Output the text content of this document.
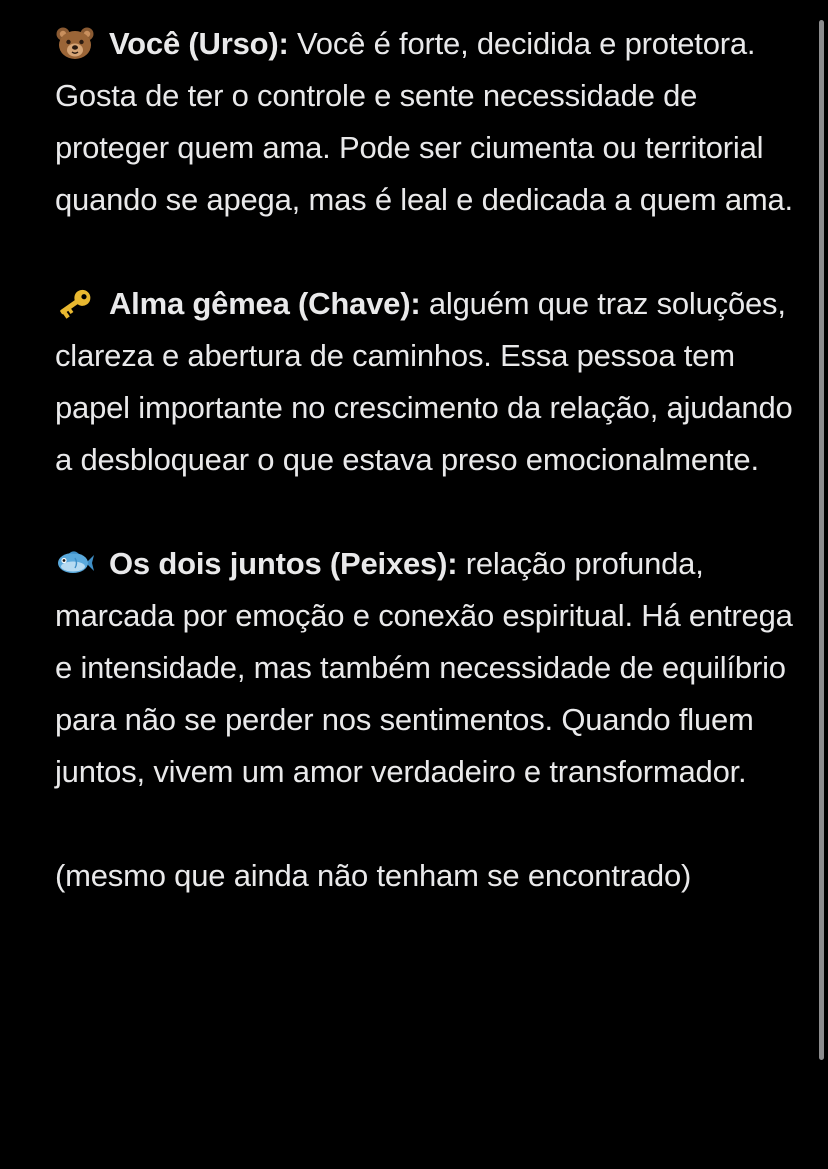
Você (Urso): Você é forte, decidida e protetora. Gosta de ter o controle e sente necessidade de proteger quem ama. Pode ser ciumenta ou territorial quando se apega, mas é leal e dedicada a quem ama.
Alma gêmea (Chave): alguém que traz soluções, clareza e abertura de caminhos. Essa pessoa tem papel importante no crescimento da relação, ajudando a desbloquear o que estava preso emocionalmente.
Os dois juntos (Peixes): relação profunda, marcada por emoção e conexão espiritual. Há entrega e intensidade, mas também necessidade de equilíbrio para não se perder nos sentimentos. Quando fluem juntos, vivem um amor verdadeiro e transformador.
(mesmo que ainda não tenham se encontrado)
